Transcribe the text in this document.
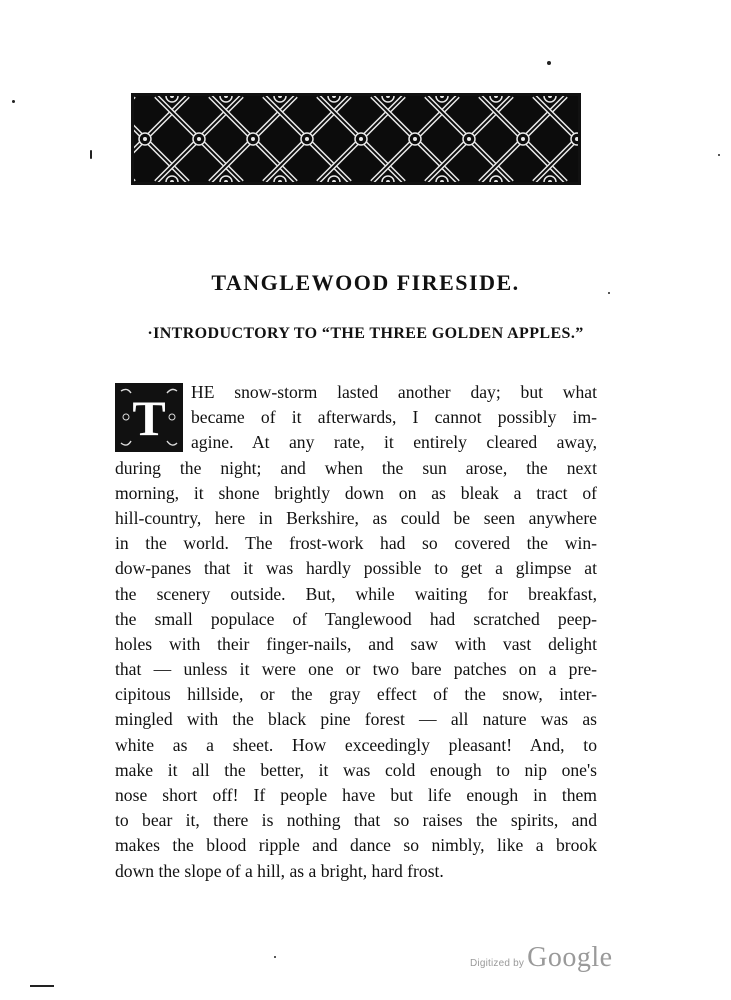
TANGLEWOOD FIRESIDE.
·INTRODUCTORY TO “THE THREE GOLDEN APPLES.”
T	HE snow-storm lasted another day; but what
became of it afterwards, I cannot possibly im-
agine. At any rate, it entirely cleared away,
during the night; and when the sun arose, the next
morning, it shone brightly down on as bleak a tract of
hill-country, here in Berkshire, as could be seen anywhere
in the world. The frost-work had so covered the win-
dow-panes that it was hardly possible to get a glimpse at
the scenery outside. But, while waiting for breakfast,
the small populace of Tanglewood had scratched peep-
holes with their finger-nails, and saw with vast delight
that — unless it were one or two bare patches on a pre-
cipitous hillside, or the gray effect of the snow, inter-
mingled with the black pine forest — all nature was as
white as a sheet. How exceedingly pleasant! And, to
make it all the better, it was cold enough to nip one's
nose short off! If people have but life enough in them
to bear it, there is nothing that so raises the spirits, and
makes the blood ripple and dance so nimbly, like a brook
down the slope of a hill, as a bright, hard frost.
Digitized by Google
